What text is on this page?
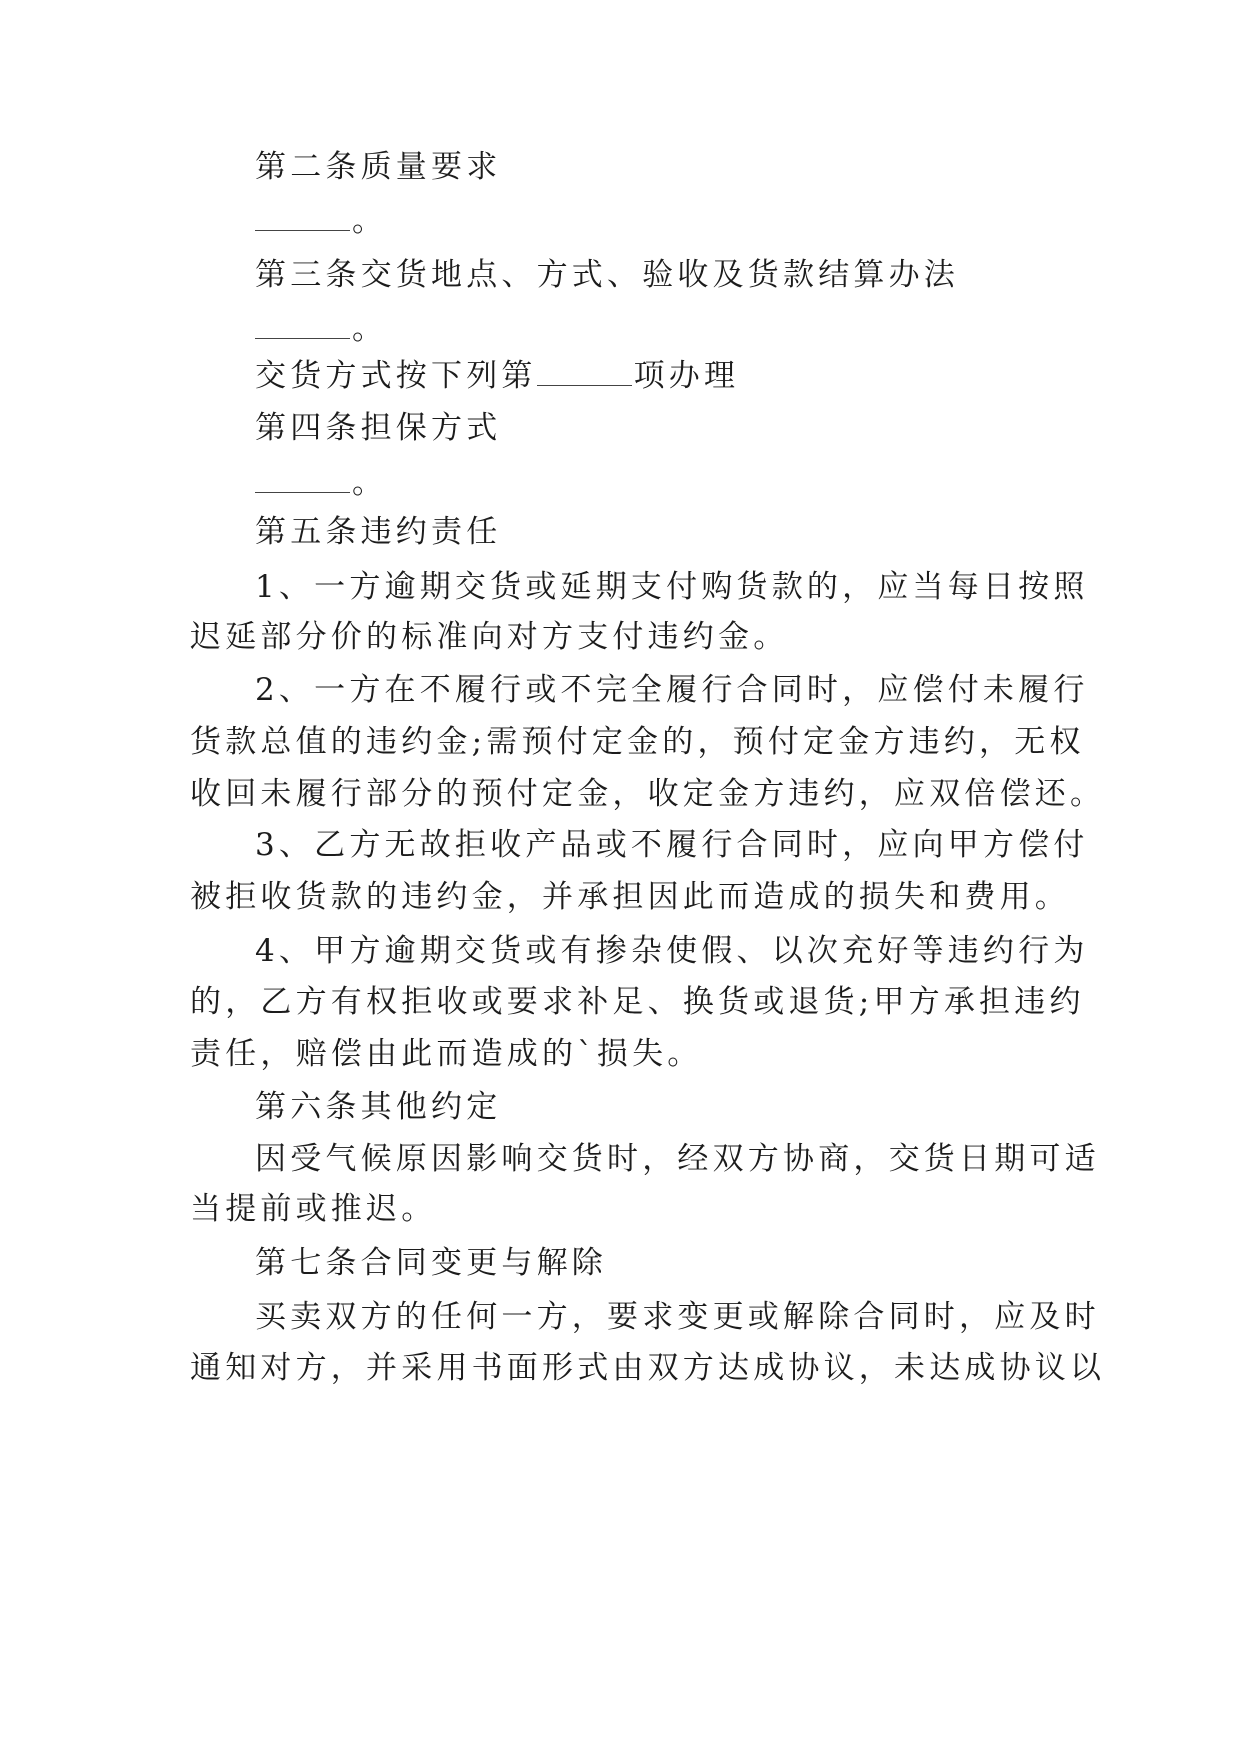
第二条质量要求

。

第三条交货地点、方式、验收及货款结算办法

。

交货方式按下列第	项办理

第四条担保方式

。

第五条违约责任

1、一方逾期交货或延期支付购货款的，应当每日按照

迟延部分价的标准向对方支付违约金。

2、一方在不履行或不完全履行合同时，应偿付未履行

货款总值的违约金;需预付定金的，预付定金方违约，无权

收回未履行部分的预付定金，收定金方违约，应双倍偿还。

3、乙方无故拒收产品或不履行合同时，应向甲方偿付

被拒收货款的违约金，并承担因此而造成的损失和费用。

4、甲方逾期交货或有掺杂使假、以次充好等违约行为

的，乙方有权拒收或要求补足、换货或退货;甲方承担违约

责任，赔偿由此而造成的`损失。

第六条其他约定

因受气候原因影响交货时，经双方协商，交货日期可适

当提前或推迟。

第七条合同变更与解除

买卖双方的任何一方，要求变更或解除合同时，应及时

通知对方，并采用书面形式由双方达成协议，未达成协议以
